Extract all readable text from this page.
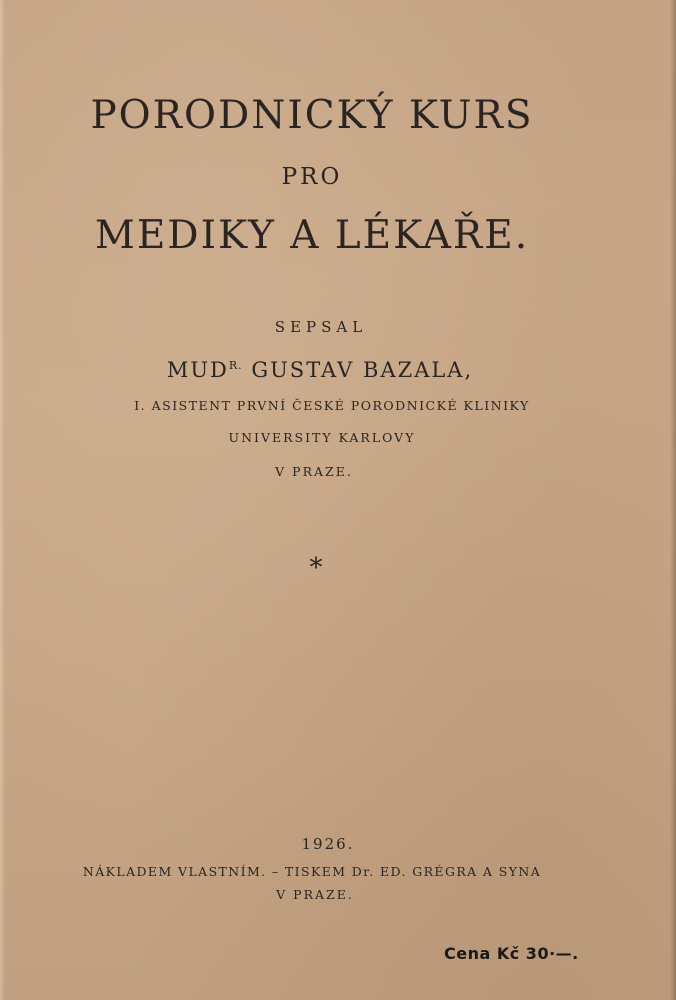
PORODNICKÝ KURS
PRO
MEDIKY A LÉKAŘE.
SEPSAL
$MUD^{R.}$ GUSTAV BAZALA,
I. ASISTENT PRVNÍ ČESKÉ PORODNICKÉ KLINIKY
UNIVERSITY KARLOVY
V PRAZE.
*
1926.
NÁKLADEM VLASTNÍM. – TISKEM Dr. ED. GRÉGRA A SYNA
V PRAZE.
Cena Kč 30·—.
